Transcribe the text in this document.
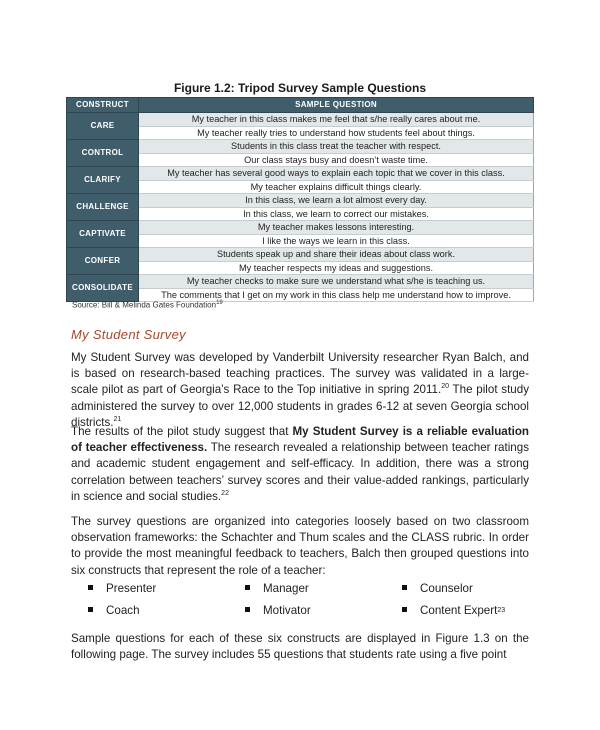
Figure 1.2: Tripod Survey Sample Questions
CONSTRUCT	SAMPLE QUESTION
CARE	My teacher in this class makes me feel that s/he really cares about me.
	My teacher really tries to understand how students feel about things.
CONTROL	Students in this class treat the teacher with respect.
	Our class stays busy and doesn’t waste time.
CLARIFY	My teacher has several good ways to explain each topic that we cover in this class.
	My teacher explains difficult things clearly.
CHALLENGE	In this class, we learn a lot almost every day.
	In this class, we learn to correct our mistakes.
CAPTIVATE	My teacher makes lessons interesting.
	I like the ways we learn in this class.
CONFER	Students speak up and share their ideas about class work.
	My teacher respects my ideas and suggestions.
CONSOLIDATE	My teacher checks to make sure we understand what s/he is teaching us.
	The comments that I get on my work in this class help me understand how to improve.
Source: Bill & Melinda Gates Foundation$^{19}$
My Student Survey
My Student Survey was developed by Vanderbilt University researcher Ryan Balch, and is based on research-based teaching practices. The survey was validated in a large-scale pilot as part of Georgia’s Race to the Top initiative in spring 2011.20 The pilot study administered the survey to over 12,000 students in grades 6-12 at seven Georgia school districts.$^{21}$
The results of the pilot study suggest that My Student Survey is a reliable evaluation of teacher effectiveness. The research revealed a relationship between teacher ratings and academic student engagement and self-efficacy. In addition, there was a strong correlation between teachers’ survey scores and their value-added rankings, particularly in science and social studies.$^{22}$
The survey questions are organized into categories loosely based on two classroom observation frameworks: the Schachter and Thum scales and the CLASS rubric. In order to provide the most meaningful feedback to teachers, Balch then grouped questions into six constructs that represent the role of a teacher:
Presenter	Manager	Counselor
Coach	Motivator	Content Expert 23
Sample questions for each of these six constructs are displayed in Figure 1.3 on the following page. The survey includes 55 questions that students rate using a five point
